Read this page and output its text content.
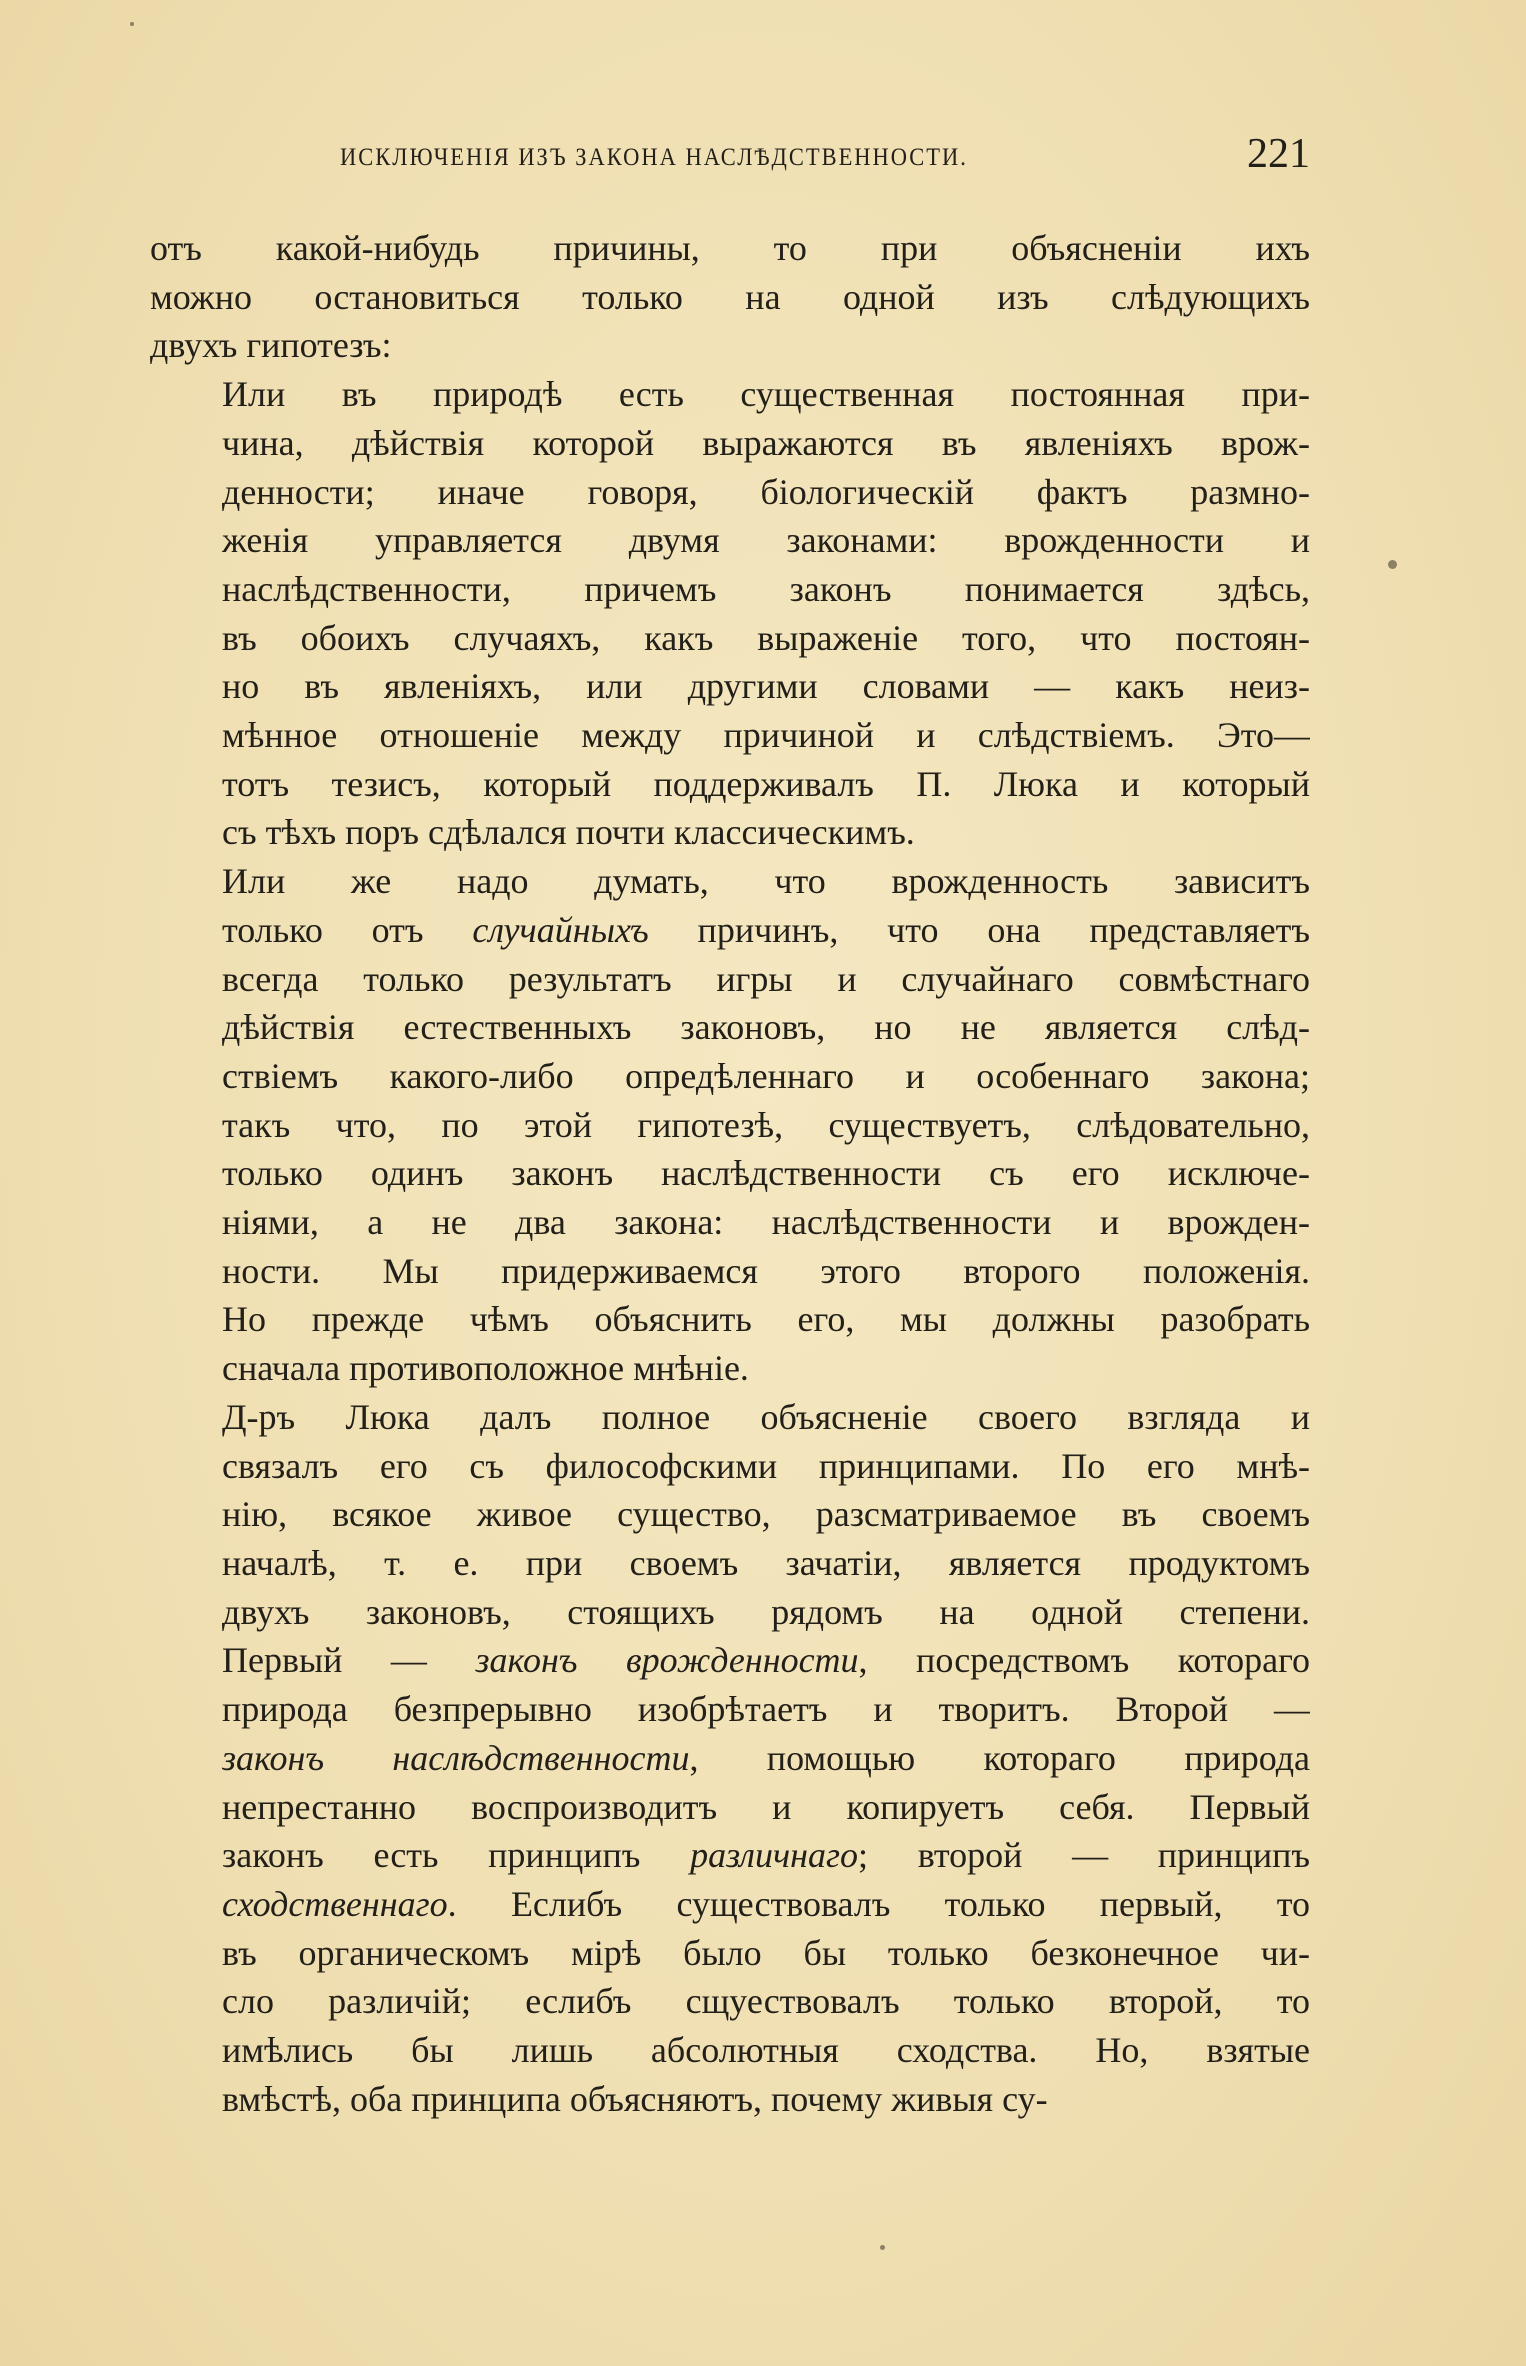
ИСКЛЮЧЕНІЯ ИЗЪ ЗАКОНА НАСЛѢДСТВЕННОСТИ.	221

отъ какой-нибудь причины, то при объясненіи ихъ
можно остановиться только на одной изъ слѣдующихъ
двухъ гипотезъ:

Или въ природѣ есть существенная постоянная при-
чина, дѣйствія которой выражаются въ явленіяхъ врож-
денности; иначе говоря, біологическій фактъ размно-
женія управляется двумя законами: врожденности и
наслѣдственности, причемъ законъ понимается здѣсь,
въ обоихъ случаяхъ, какъ выраженіе того, что постоян-
но въ явленіяхъ, или другими словами — какъ неиз-
мѣнное отношеніе между причиной и слѣдствіемъ. Это—
тотъ тезисъ, который поддерживалъ П. Люка и который
съ тѣхъ поръ сдѣлался почти классическимъ.

Или же надо думать, что врожденность зависитъ
только отъ случайныхъ причинъ, что она представляетъ
всегда только результатъ игры и случайнаго совмѣстнаго
дѣйствія естественныхъ законовъ, но не является слѣд-
ствіемъ какого-либо опредѣленнаго и особеннаго закона;
такъ что, по этой гипотезѣ, существуетъ, слѣдовательно,
только одинъ законъ наслѣдственности съ его исключе-
ніями, а не два закона: наслѣдственности и врожден-
ности. Мы придерживаемся этого второго положенія.
Но прежде чѣмъ объяснить его, мы должны разобрать
сначала противоположное мнѣніе.

Д-ръ Люка далъ полное объясненіе своего взгляда и
связалъ его съ философскими принципами. По его мнѣ-
нію, всякое живое существо, разсматриваемое въ своемъ
началѣ, т. е. при своемъ зачатіи, является продуктомъ
двухъ законовъ, стоящихъ рядомъ на одной степени.
Первый — законъ врожденности, посредствомъ котораго
природа безпрерывно изобрѣтаетъ и творитъ. Второй —
законъ наслѣдственности, помощью котораго природа
непрестанно воспроизводитъ и копируетъ себя. Первый
законъ есть принципъ различнаго; второй — принципъ
сходственнаго. Еслибъ существовалъ только первый, то
въ органическомъ мірѣ было бы только безконечное чи-
сло различій; еслибъ сщуествовалъ только второй, то
имѣлись бы лишь абсолютныя сходства. Но, взятые
вмѣстѣ, оба принципа объясняютъ, почему живыя су-
